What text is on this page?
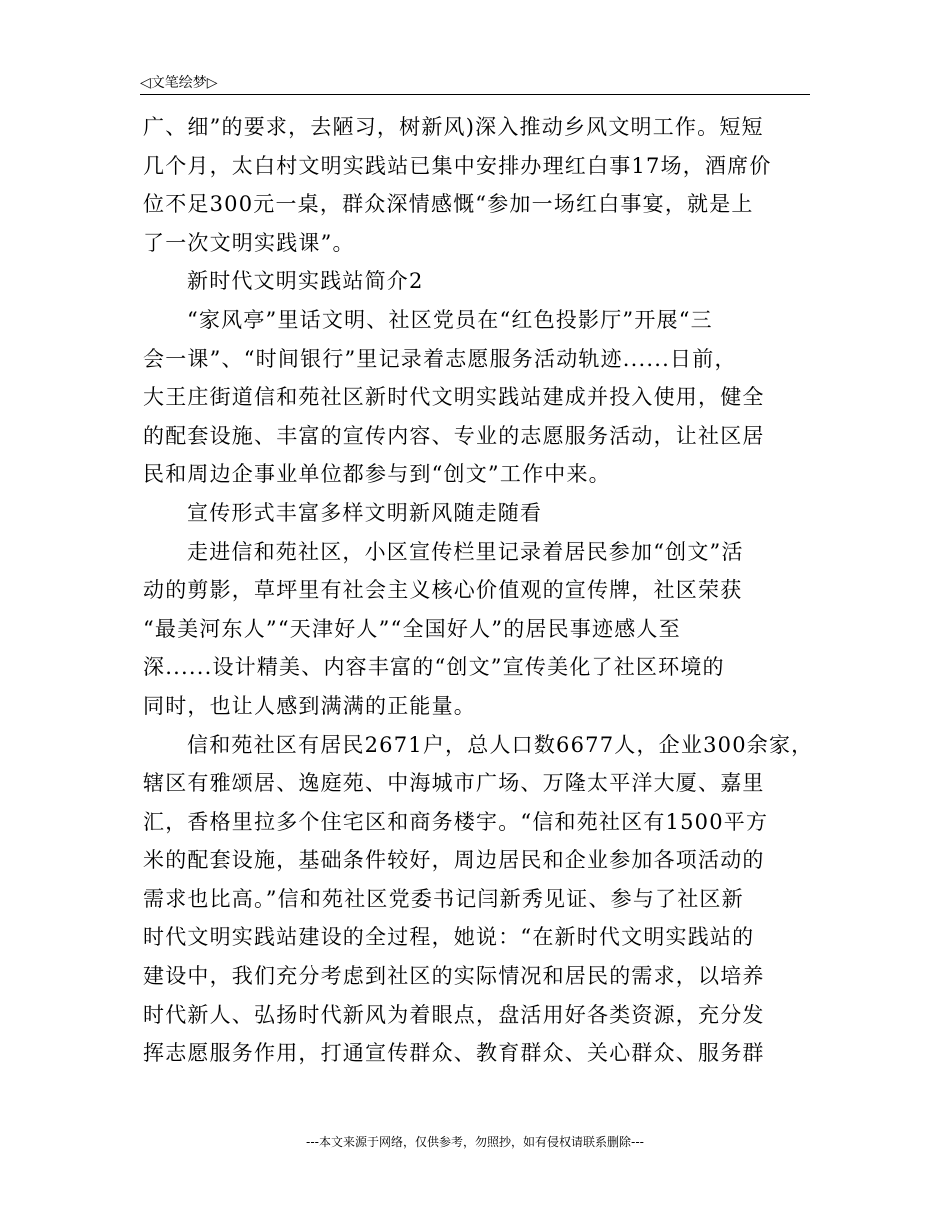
◁文笔绘梦▷
广、细”的要求，去陋习，树新风)深入推动乡风文明工作。短短
几个月，太白村文明实践站已集中安排办理红白事17场，酒席价
位不足300元一桌，群众深情感慨“参加一场红白事宴，就是上
了一次文明实践课”。
新时代文明实践站简介2
“家风亭”里话文明、社区党员在“红色投影厅”开展“三
会一课”、“时间银行”里记录着志愿服务活动轨迹......日前，
大王庄街道信和苑社区新时代文明实践站建成并投入使用，健全
的配套设施、丰富的宣传内容、专业的志愿服务活动，让社区居
民和周边企事业单位都参与到“创文”工作中来。
宣传形式丰富多样文明新风随走随看
走进信和苑社区，小区宣传栏里记录着居民参加“创文”活
动的剪影，草坪里有社会主义核心价值观的宣传牌，社区荣获
“最美河东人”“天津好人”“全国好人”的居民事迹感人至
深......设计精美、内容丰富的“创文”宣传美化了社区环境的
同时，也让人感到满满的正能量。
信和苑社区有居民2671户，总人口数6677人，企业300余家，
辖区有雅颂居、逸庭苑、中海城市广场、万隆太平洋大厦、嘉里
汇，香格里拉多个住宅区和商务楼宇。“信和苑社区有1500平方
米的配套设施，基础条件较好，周边居民和企业参加各项活动的
需求也比高。”信和苑社区党委书记闫新秀见证、参与了社区新
时代文明实践站建设的全过程，她说：“在新时代文明实践站的
建设中，我们充分考虑到社区的实际情况和居民的需求，以培养
时代新人、弘扬时代新风为着眼点，盘活用好各类资源，充分发
挥志愿服务作用，打通宣传群众、教育群众、关心群众、服务群
---本文来源于网络，仅供参考，勿照抄，如有侵权请联系删除---
